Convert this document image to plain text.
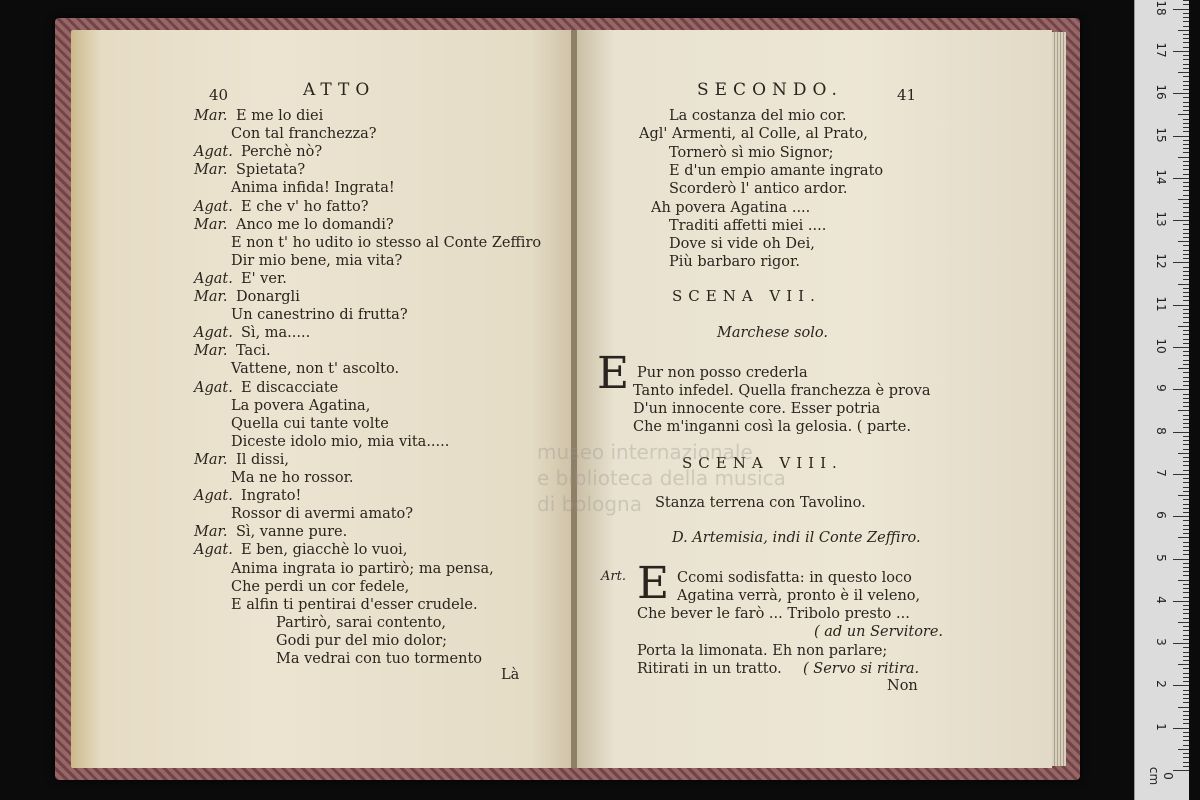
40	ATTO
Mar. E me lo diei
Con tal franchezza?
Agat. Perchè nò?
Mar. Spietata?
Anima infida! Ingrata!
Agat. E che v' ho fatto?
Mar. Anco me lo domandi?
E non t' ho udito io stesso al Conte Zeffiro
Dir mio bene, mia vita?
Agat. E' ver.
Mar. Donargli
Un canestrino di frutta?
Agat. Sì, ma.....
Mar. Taci.
Vattene, non t' ascolto.
Agat. E discacciate
La povera Agatina,
Quella cui tante volte
Diceste idolo mio, mia vita.....
Mar. Il dissi,
Ma ne ho rossor.
Agat. Ingrato!
Rossor di avermi amato?
Mar. Sì, vanne pure.
Agat. E ben, giacchè lo vuoi,
Anima ingrata io partirò; ma pensa,
Che perdi un cor fedele,
E alfin ti pentirai d'esser crudele.
Partirò, sarai contento,
Godi pur del mio dolor;
Ma vedrai con tuo tormento
Là
SECONDO.	41
La costanza del mio cor.
Agl' Armenti, al Colle, al Prato,
Tornerò sì mio Signor;
E d'un empio amante ingrato
Scorderò l' antico ardor.
Ah povera Agatina ....
Traditi affetti miei ....
Dove si vide oh Dei,
Più barbaro rigor.
SCENA VII.
Marchese solo.
E Pur non posso crederla
Tanto infedel. Quella franchezza è prova
D'un innocente core. Esser potria
Che m'inganni così la gelosia. ( parte.
SCENA VIII.
Stanza terrena con Tavolino.
D. Artemisia, indi il Conte Zeffiro.
Art. E Ccomi sodisfatta: in questo loco
Agatina verrà, pronto è il veleno,
Che bever le farò ... Tribolo presto ...
( ad un Servitore.
Porta la limonata. Eh non parlare;
Ritirati in un tratto. ( Servo si ritira.
Non
museo internazionale
e biblioteca della musica
di bologna
0 cm
1
2
3
4
5
6
7
8
9
10
11
12
13
14
15
16
17
18
